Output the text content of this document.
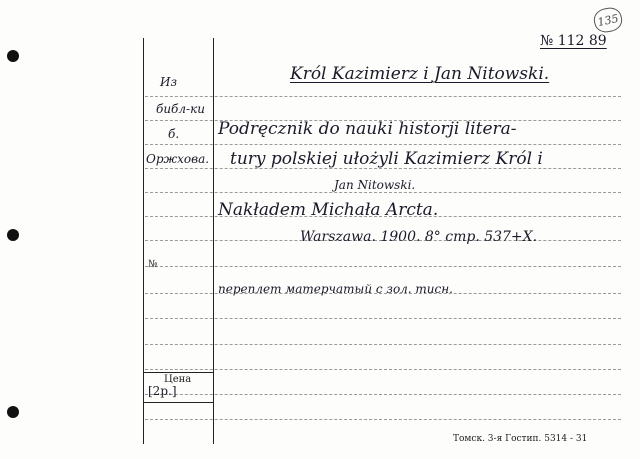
135
№ 112 89
Из
библ-ки
б.
Оржхова.
№
Цена
[2р.]
Król Kazimierz i Jan Nitowski.
Podręcznik do nauki historji litera-
tury polskiej ułożyli Kazimierz Król i
Jan Nitowski.
Nakładem Michała Arcta.
Warszawa. 1900. 8° стр. 537+X.
переплет матерчатый с зол. тисн.
Томск. 3-я Гостип. 5314 - 31
